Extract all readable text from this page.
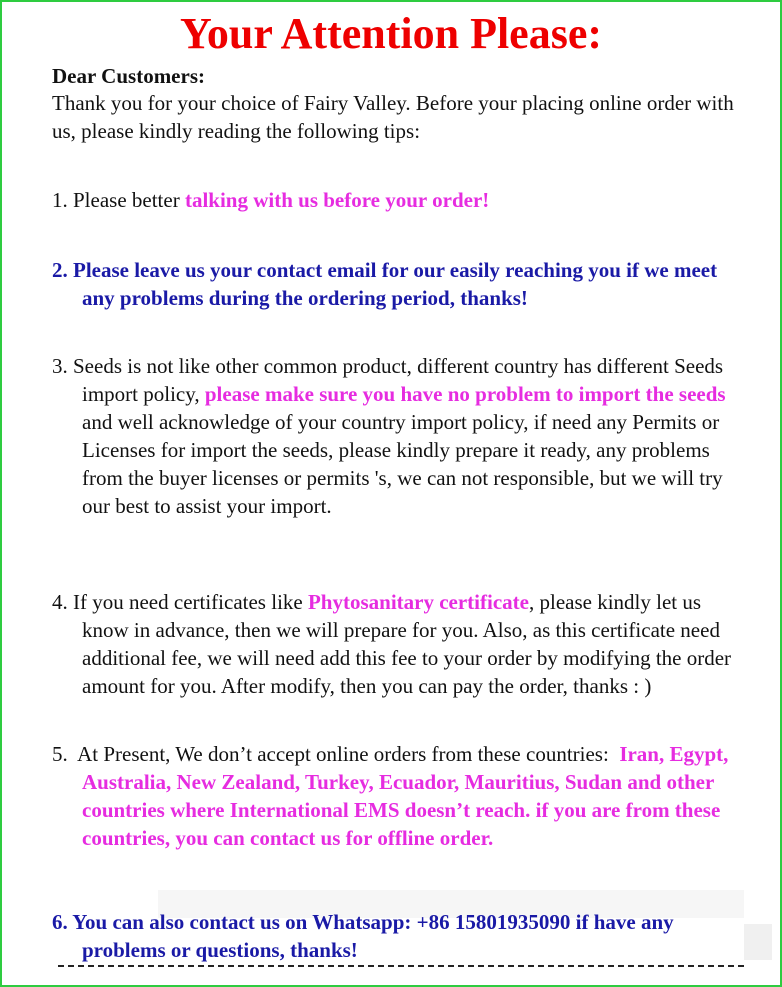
Your Attention Please:
Dear Customers:
Thank you for your choice of Fairy Valley. Before your placing online order with us, please kindly reading the following tips:
1. Please better talking with us before your order!
2. Please leave us your contact email for our easily reaching you if we meet any problems during the ordering period, thanks!
3. Seeds is not like other common product, different country has different Seeds import policy, please make sure you have no problem to import the seeds and well acknowledge of your country import policy, if need any Permits or Licenses for import the seeds, please kindly prepare it ready, any problems from the buyer licenses or permits 's, we can not responsible, but we will try our best to assist your import.
4. If you need certificates like Phytosanitary certificate, please kindly let us know in advance, then we will prepare for you. Also, as this certificate need additional fee, we will need add this fee to your order by modifying the order amount for you. After modify, then you can pay the order, thanks : )
5.  At Present, We don’t accept online orders from these countries:  Iran, Egypt, Australia, New Zealand, Turkey, Ecuador, Mauritius, Sudan and other countries where International EMS doesn’t reach. if you are from these countries, you can contact us for offline order.
6. You can also contact us on Whatsapp: +86 15801935090 if have any problems or questions, thanks!
